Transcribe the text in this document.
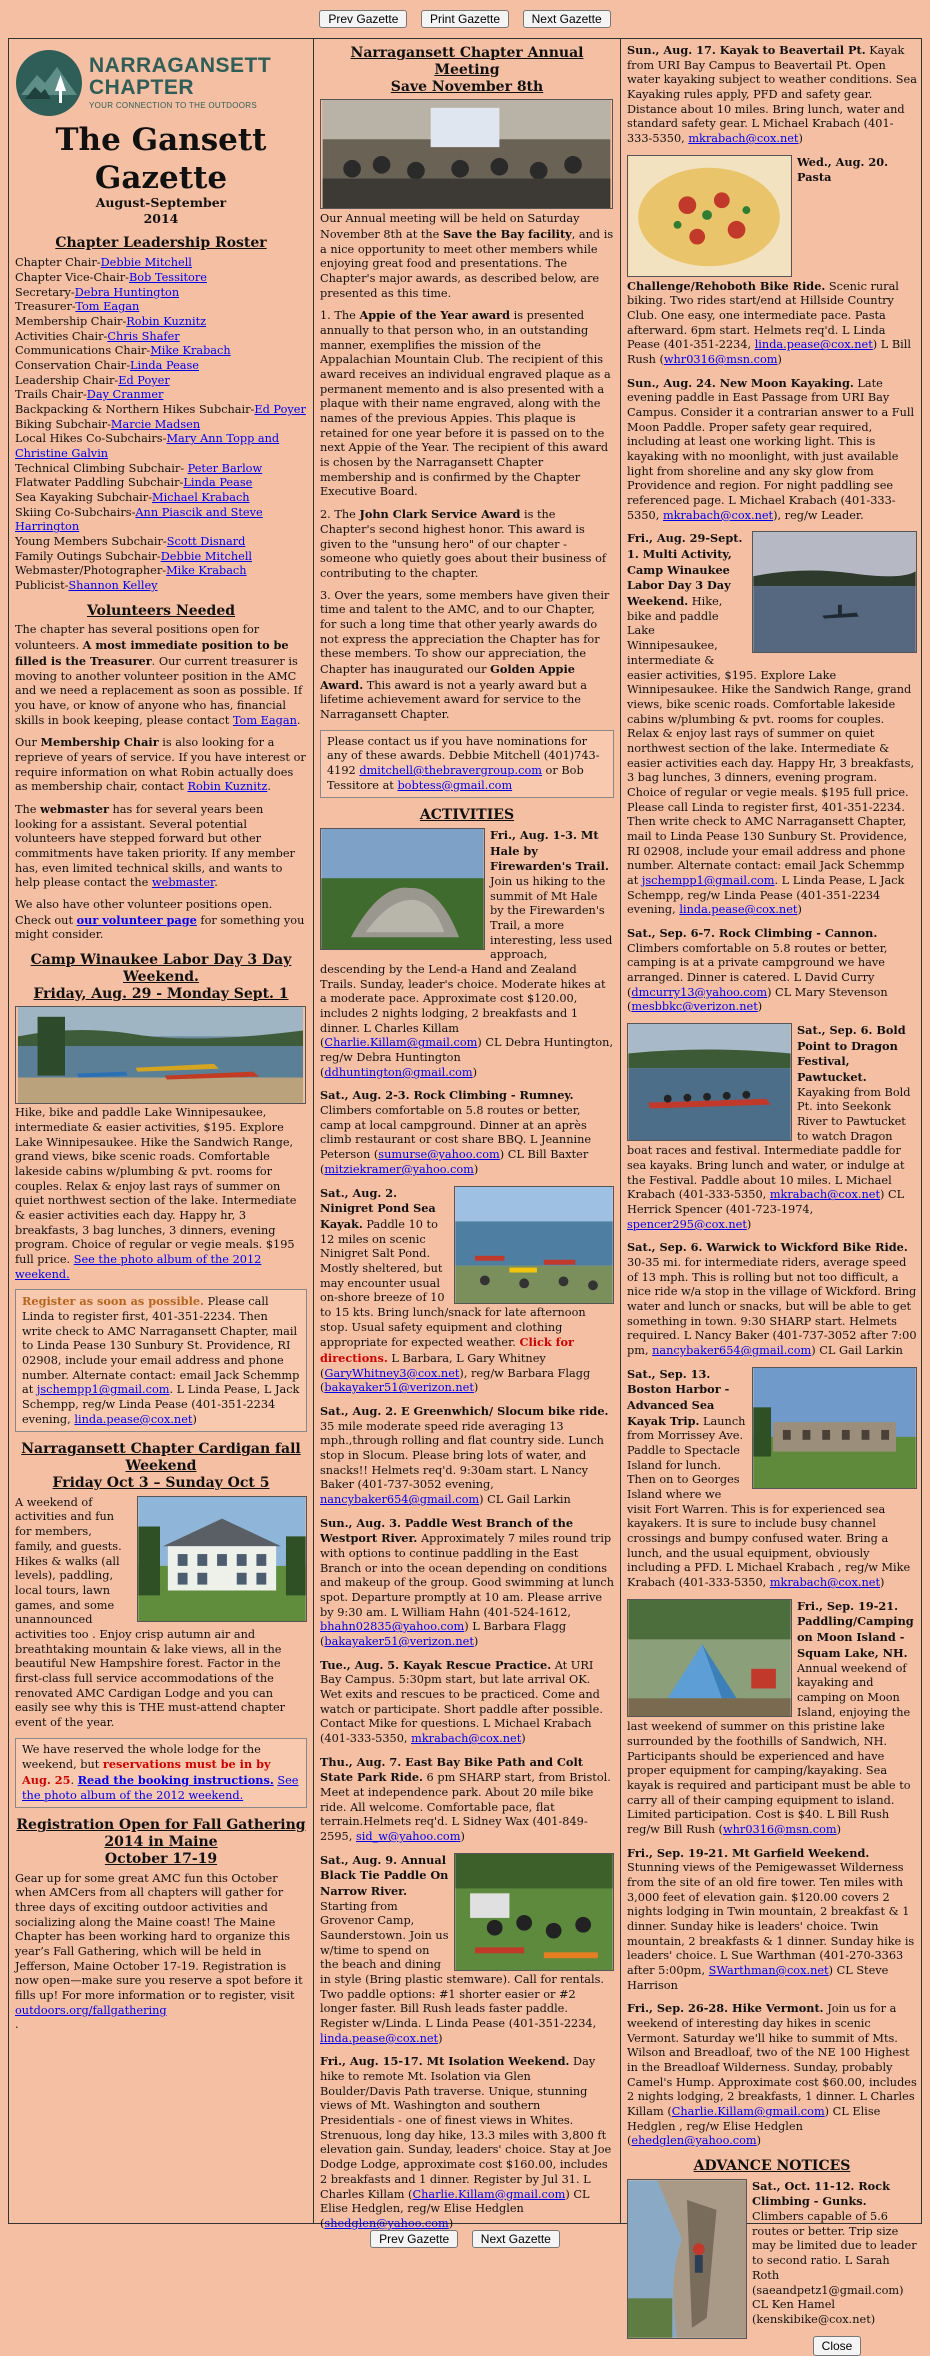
Prev Gazette	Print Gazette	Next Gazette
NARRAGANSETT
CHAPTER
YOUR CONNECTION TO THE OUTDOORS
The Gansett
Gazette
August-September
2014
Chapter Leadership Roster
Chapter Chair-Debbie Mitchell
Chapter Vice-Chair-Bob Tessitore
Secretary-Debra Huntington
Treasurer-Tom Eagan
Membership Chair-Robin Kuznitz
Activities Chair-Chris Shafer
Communications Chair-Mike Krabach
Conservation Chair-Linda Pease
Leadership Chair-Ed Poyer
Trails Chair-Day Cranmer
Backpacking & Northern Hikes Subchair-Ed Poyer
Biking Subchair-Marcie Madsen
Local Hikes Co-Subchairs-Mary Ann Topp and Christine Galvin
Technical Climbing Subchair- Peter Barlow
Flatwater Paddling Subchair-Linda Pease
Sea Kayaking Subchair-Michael Krabach
Skiing Co-Subchairs-Ann Piascik and Steve Harrington
Young Members Subchair-Scott Disnard
Family Outings Subchair-Debbie Mitchell
Webmaster/Photographer-Mike Krabach
Publicist-Shannon Kelley
Volunteers Needed

The chapter has several positions open for volunteers. A most immediate position to be filled is the Treasurer. Our current treasurer is moving to another volunteer position in the AMC and we need a replacement as soon as possible. If you have, or know of anyone who has, financial skills in book keeping, please contact Tom Eagan.

Our Membership Chair is also looking for a reprieve of years of service. If you have interest or require information on what Robin actually does as membership chair, contact Robin Kuznitz.

The webmaster has for several years been looking for a assistant. Several potential volunteers have stepped forward but other commitments have taken priority. If any member has, even limited technical skills, and wants to help please contact the webmaster.

We also have other volunteer positions open. Check out our volunteer page for something you might consider.

Camp Winaukee Labor Day 3 Day Weekend.
Friday, Aug. 29 - Monday Sept. 1

Hike, bike and paddle Lake Winnipesaukee, intermediate & easier activities, $195. Explore Lake Winnipesaukee. Hike the Sandwich Range, grand views, bike scenic roads. Comfortable lakeside cabins w/plumbing & pvt. rooms for couples. Relax & enjoy last rays of summer on quiet northwest section of the lake. Intermediate & easier activities each day. Happy hr, 3 breakfasts, 3 bag lunches, 3 dinners, evening program. Choice of regular or vegie meals. $195 full price. See the photo album of the 2012 weekend.

Register as soon as possible. Please call Linda to register first, 401-351-2234. Then write check to AMC Narragansett Chapter, mail to Linda Pease 130 Sunbury St. Providence, RI 02908, include your email address and phone number. Alternate contact: email Jack Schemmp at jschempp1@gmail.com. L Linda Pease, L Jack Schempp, reg/w Linda Pease (401-351-2234 evening, linda.pease@cox.net)
Narragansett Chapter Cardigan fall Weekend
Friday Oct 3 – Sunday Oct 5

A weekend of activities and fun for members, family, and guests. Hikes & walks (all levels), paddling, local tours, lawn games, and some unannounced activities too . Enjoy crisp autumn air and breathtaking mountain & lake views, all in the beautiful New Hampshire forest. Factor in the first-class full service accommodations of the renovated AMC Cardigan Lodge and you can easily see why this is THE must-attend chapter event of the year.

We have reserved the whole lodge for the weekend, but reservations must be in by Aug. 25. Read the booking instructions. See the photo album of the 2012 weekend.
Registration Open for Fall Gathering 2014 in Maine
October 17-19

Gear up for some great AMC fun this October when AMCers from all chapters will gather for three days of exciting outdoor activities and socializing along the Maine coast! The Maine Chapter has been working hard to organize this year’s Fall Gathering, which will be held in Jefferson, Maine October 17-19. Registration is now open—make sure you reserve a spot before it fills up! For more information or to register, visit outdoors.org/fallgathering
.

Narragansett Chapter Annual Meeting
Save November 8th

Our Annual meeting will be held on Saturday November 8th at the Save the Bay facility, and is a nice opportunity to meet other members while enjoying great food and presentations. The Chapter's major awards, as described below, are presented as this time.

1. The Appie of the Year award is presented annually to that person who, in an outstanding manner, exemplifies the mission of the Appalachian Mountain Club. The recipient of this award receives an individual engraved plaque as a permanent memento and is also presented with a plaque with their name engraved, along with the names of the previous Appies. This plaque is retained for one year before it is passed on to the next Appie of the Year. The recipient of this award is chosen by the Narragansett Chapter membership and is confirmed by the Chapter Executive Board.

2. The John Clark Service Award is the Chapter's second highest honor. This award is given to the "unsung hero" of our chapter - someone who quietly goes about their business of contributing to the chapter.

3. Over the years, some members have given their time and talent to the AMC, and to our Chapter, for such a long time that other yearly awards do not express the appreciation the Chapter has for these members. To show our appreciation, the Chapter has inaugurated our Golden Appie Award. This award is not a yearly award but a lifetime achievement award for service to the Narragansett Chapter.

Please contact us if you have nominations for any of these awards. Debbie Mitchell (401)743-4192 dmitchell@thebravergroup.com or Bob Tessitore at bobtess@gmail.com
ACTIVITIES
Fri., Aug. 1-3. Mt Hale by Firewarden's Trail. Join us hiking to the summit of Mt Hale by the Firewarden's Trail, a more interesting, less used approach, descending by the Lend-a Hand and Zealand Trails. Sunday, leader's choice. Moderate hikes at a moderate pace. Approximate cost $120.00, includes 2 nights lodging, 2 breakfasts and 1 dinner. L Charles Killam (Charlie.Killam@gmail.com) CL Debra Huntington, reg/w Debra Huntington (ddhuntington@gmail.com)
Sat., Aug. 2-3. Rock Climbing - Rumney. Climbers comfortable on 5.8 routes or better, camp at local campground. Dinner at an après climb restaurant or cost share BBQ. L Jeannine Peterson (sumurse@yahoo.com) CL Bill Baxter (mitziekramer@yahoo.com)
Sat., Aug. 2. Ninigret Pond Sea Kayak. Paddle 10 to 12 miles on scenic Ninigret Salt Pond. Mostly sheltered, but may encounter usual on-shore breeze of 10 to 15 kts. Bring lunch/snack for late afternoon stop. Usual safety equipment and clothing appropriate for expected weather. Click for directions. L Barbara, L Gary Whitney (GaryWhitney3@cox.net), reg/w Barbara Flagg (bakayaker51@verizon.net)
Sat., Aug. 2. E Greenwhich/ Slocum bike ride. 35 mile moderate speed ride averaging 13 mph.,through rolling and flat country side. Lunch stop in Slocum. Please bring lots of water, and snacks!! Helmets req'd. 9:30am start. L Nancy Baker (401-737-3052 evening, nancybaker654@gmail.com) CL Gail Larkin
Sun., Aug. 3. Paddle West Branch of the Westport River. Approximately 7 miles round trip with options to continue paddling in the East Branch or into the ocean depending on conditions and makeup of the group. Good swimming at lunch spot. Departure promptly at 10 am. Please arrive by 9:30 am. L William Hahn (401-524-1612, bhahn02835@yahoo.com) L Barbara Flagg (bakayaker51@verizon.net)
Tue., Aug. 5. Kayak Rescue Practice. At URI Bay Campus. 5:30pm start, but late arrival OK. Wet exits and rescues to be practiced. Come and watch or participate. Short paddle after possible. Contact Mike for questions. L Michael Krabach (401-333-5350, mkrabach@cox.net)
Thu., Aug. 7. East Bay Bike Path and Colt State Park Ride. 6 pm SHARP start, from Bristol. Meet at independence park. About 20 mile bike ride. All welcome. Comfortable pace, flat terrain.Helmets req'd. L Sidney Wax (401-849-2595, sid_w@yahoo.com)
Sat., Aug. 9. Annual Black Tie Paddle On Narrow River. Starting from Grovenor Camp, Saunderstown. Join us w/time to spend on the beach and dining in style (Bring plastic stemware). Call for rentals. Two paddle options: #1 shorter easier or #2 longer faster. Bill Rush leads faster paddle. Register w/Linda. L Linda Pease (401-351-2234, linda.pease@cox.net)
Fri., Aug. 15-17. Mt Isolation Weekend. Day hike to remote Mt. Isolation via Glen Boulder/Davis Path traverse. Unique, stunning views of Mt. Washington and southern Presidentials - one of finest views in Whites. Strenuous, long day hike, 13.3 miles with 3,800 ft elevation gain. Sunday, leaders' choice. Stay at Joe Dodge Lodge, approximate cost $160.00, includes 2 breakfasts and 1 dinner. Register by Jul 31. L Charles Killam (Charlie.Killam@gmail.com) CL Elise Hedglen, reg/w Elise Hedglen (shedglen@yahoo.com)
Sun., Aug. 17. Kayak to Beavertail Pt. Kayak from URI Bay Campus to Beavertail Pt. Open water kayaking subject to weather conditions. Sea Kayaking rules apply, PFD and safety gear. Distance about 10 miles. Bring lunch, water and standard safety gear. L Michael Krabach (401-333-5350, mkrabach@cox.net)
Wed., Aug. 20. Pasta Challenge/Rehoboth Bike Ride. Scenic rural biking. Two rides start/end at Hillside Country Club. One easy, one intermediate pace. Pasta afterward. 6pm start. Helmets req'd. L Linda Pease (401-351-2234, linda.pease@cox.net) L Bill Rush (whr0316@msn.com)
Sun., Aug. 24. New Moon Kayaking. Late evening paddle in East Passage from URI Bay Campus. Consider it a contrarian answer to a Full Moon Paddle. Proper safety gear required, including at least one working light. This is kayaking with no moonlight, with just available light from shoreline and any sky glow from Providence and region. For night paddling see referenced page. L Michael Krabach (401-333-5350, mkrabach@cox.net), reg/w Leader.
Fri., Aug. 29-Sept. 1. Multi Activity, Camp Winaukee Labor Day 3 Day Weekend. Hike, bike and paddle Lake Winnipesaukee, intermediate & easier activities, $195. Explore Lake Winnipesaukee. Hike the Sandwich Range, grand views, bike scenic roads. Comfortable lakeside cabins w/plumbing & pvt. rooms for couples. Relax & enjoy last rays of summer on quiet northwest section of the lake. Intermediate & easier activities each day. Happy Hr, 3 breakfasts, 3 bag lunches, 3 dinners, evening program. Choice of regular or vegie meals. $195 full price. Please call Linda to register first, 401-351-2234. Then write check to AMC Narragansett Chapter, mail to Linda Pease 130 Sunbury St. Providence, RI 02908, include your email address and phone number. Alternate contact: email Jack Schemmp at jschempp1@gmail.com. L Linda Pease, L Jack Schempp, reg/w Linda Pease (401-351-2234 evening, linda.pease@cox.net)
Sat., Sep. 6-7. Rock Climbing - Cannon. Climbers comfortable on 5.8 routes or better, camping is at a private campground we have arranged. Dinner is catered. L David Curry (dmcurry13@yahoo.com) CL Mary Stevenson (mesbbkc@verizon.net)
Sat., Sep. 6. Bold Point to Dragon Festival, Pawtucket. Kayaking from Bold Pt. into Seekonk River to Pawtucket to watch Dragon boat races and festival. Intermediate paddle for sea kayaks. Bring lunch and water, or indulge at the Festival. Paddle about 10 miles. L Michael Krabach (401-333-5350, mkrabach@cox.net) CL Herrick Spencer (401-723-1974, spencer295@cox.net)
Sat., Sep. 6. Warwick to Wickford Bike Ride. 30-35 mi. for intermediate riders, average speed of 13 mph. This is rolling but not too difficult, a nice ride w/a stop in the village of Wickford. Bring water and lunch or snacks, but will be able to get something in town. 9:30 SHARP start. Helmets required. L Nancy Baker (401-737-3052 after 7:00 pm, nancybaker654@gmail.com) CL Gail Larkin
Sat., Sep. 13. Boston Harbor - Advanced Sea Kayak Trip. Launch from Morrissey Ave. Paddle to Spectacle Island for lunch. Then on to Georges Island where we visit Fort Warren. This is for experienced sea kayakers. It is sure to include busy channel crossings and bumpy confused water. Bring a lunch, and the usual equipment, obviously including a PFD. L Michael Krabach , reg/w Mike Krabach (401-333-5350, mkrabach@cox.net)
Fri., Sep. 19-21. Paddling/Camping on Moon Island - Squam Lake, NH. Annual weekend of kayaking and camping on Moon Island, enjoying the last weekend of summer on this pristine lake surrounded by the foothills of Sandwich, NH. Participants should be experienced and have proper equipment for camping/kayaking. Sea kayak is required and participant must be able to carry all of their camping equipment to island. Limited participation. Cost is $40. L Bill Rush reg/w Bill Rush (whr0316@msn.com)
Fri., Sep. 19-21. Mt Garfield Weekend. Stunning views of the Pemigewasset Wilderness from the site of an old fire tower. Ten miles with 3,000 feet of elevation gain. $120.00 covers 2 nights lodging in Twin mountain, 2 breakfast & 1 dinner. Sunday hike is leaders' choice. Twin mountain, 2 breakfasts & 1 dinner. Sunday hike is leaders' choice. L Sue Warthman (401-270-3363 after 5:00pm, SWarthman@cox.net) CL Steve Harrison
Fri., Sep. 26-28. Hike Vermont. Join us for a weekend of interesting day hikes in scenic Vermont. Saturday we'll hike to summit of Mts. Wilson and Breadloaf, two of the NE 100 Highest in the Breadloaf Wilderness. Sunday, probably Camel's Hump. Approximate cost $60.00, includes 2 nights lodging, 2 breakfasts, 1 dinner. L Charles Killam (Charlie.Killam@gmail.com) CL Elise Hedglen , reg/w Elise Hedglen (ehedglen@yahoo.com)
ADVANCE NOTICES
Sat., Oct. 11-12. Rock Climbing - Gunks. Climbers capable of 5.6 routes or better. Trip size may be limited due to leader to second ratio. L Sarah Roth (saeandpetz1@gmail.com) CL Ken Hamel (kenskibike@cox.net)
Close
Prev Gazette	Next Gazette
